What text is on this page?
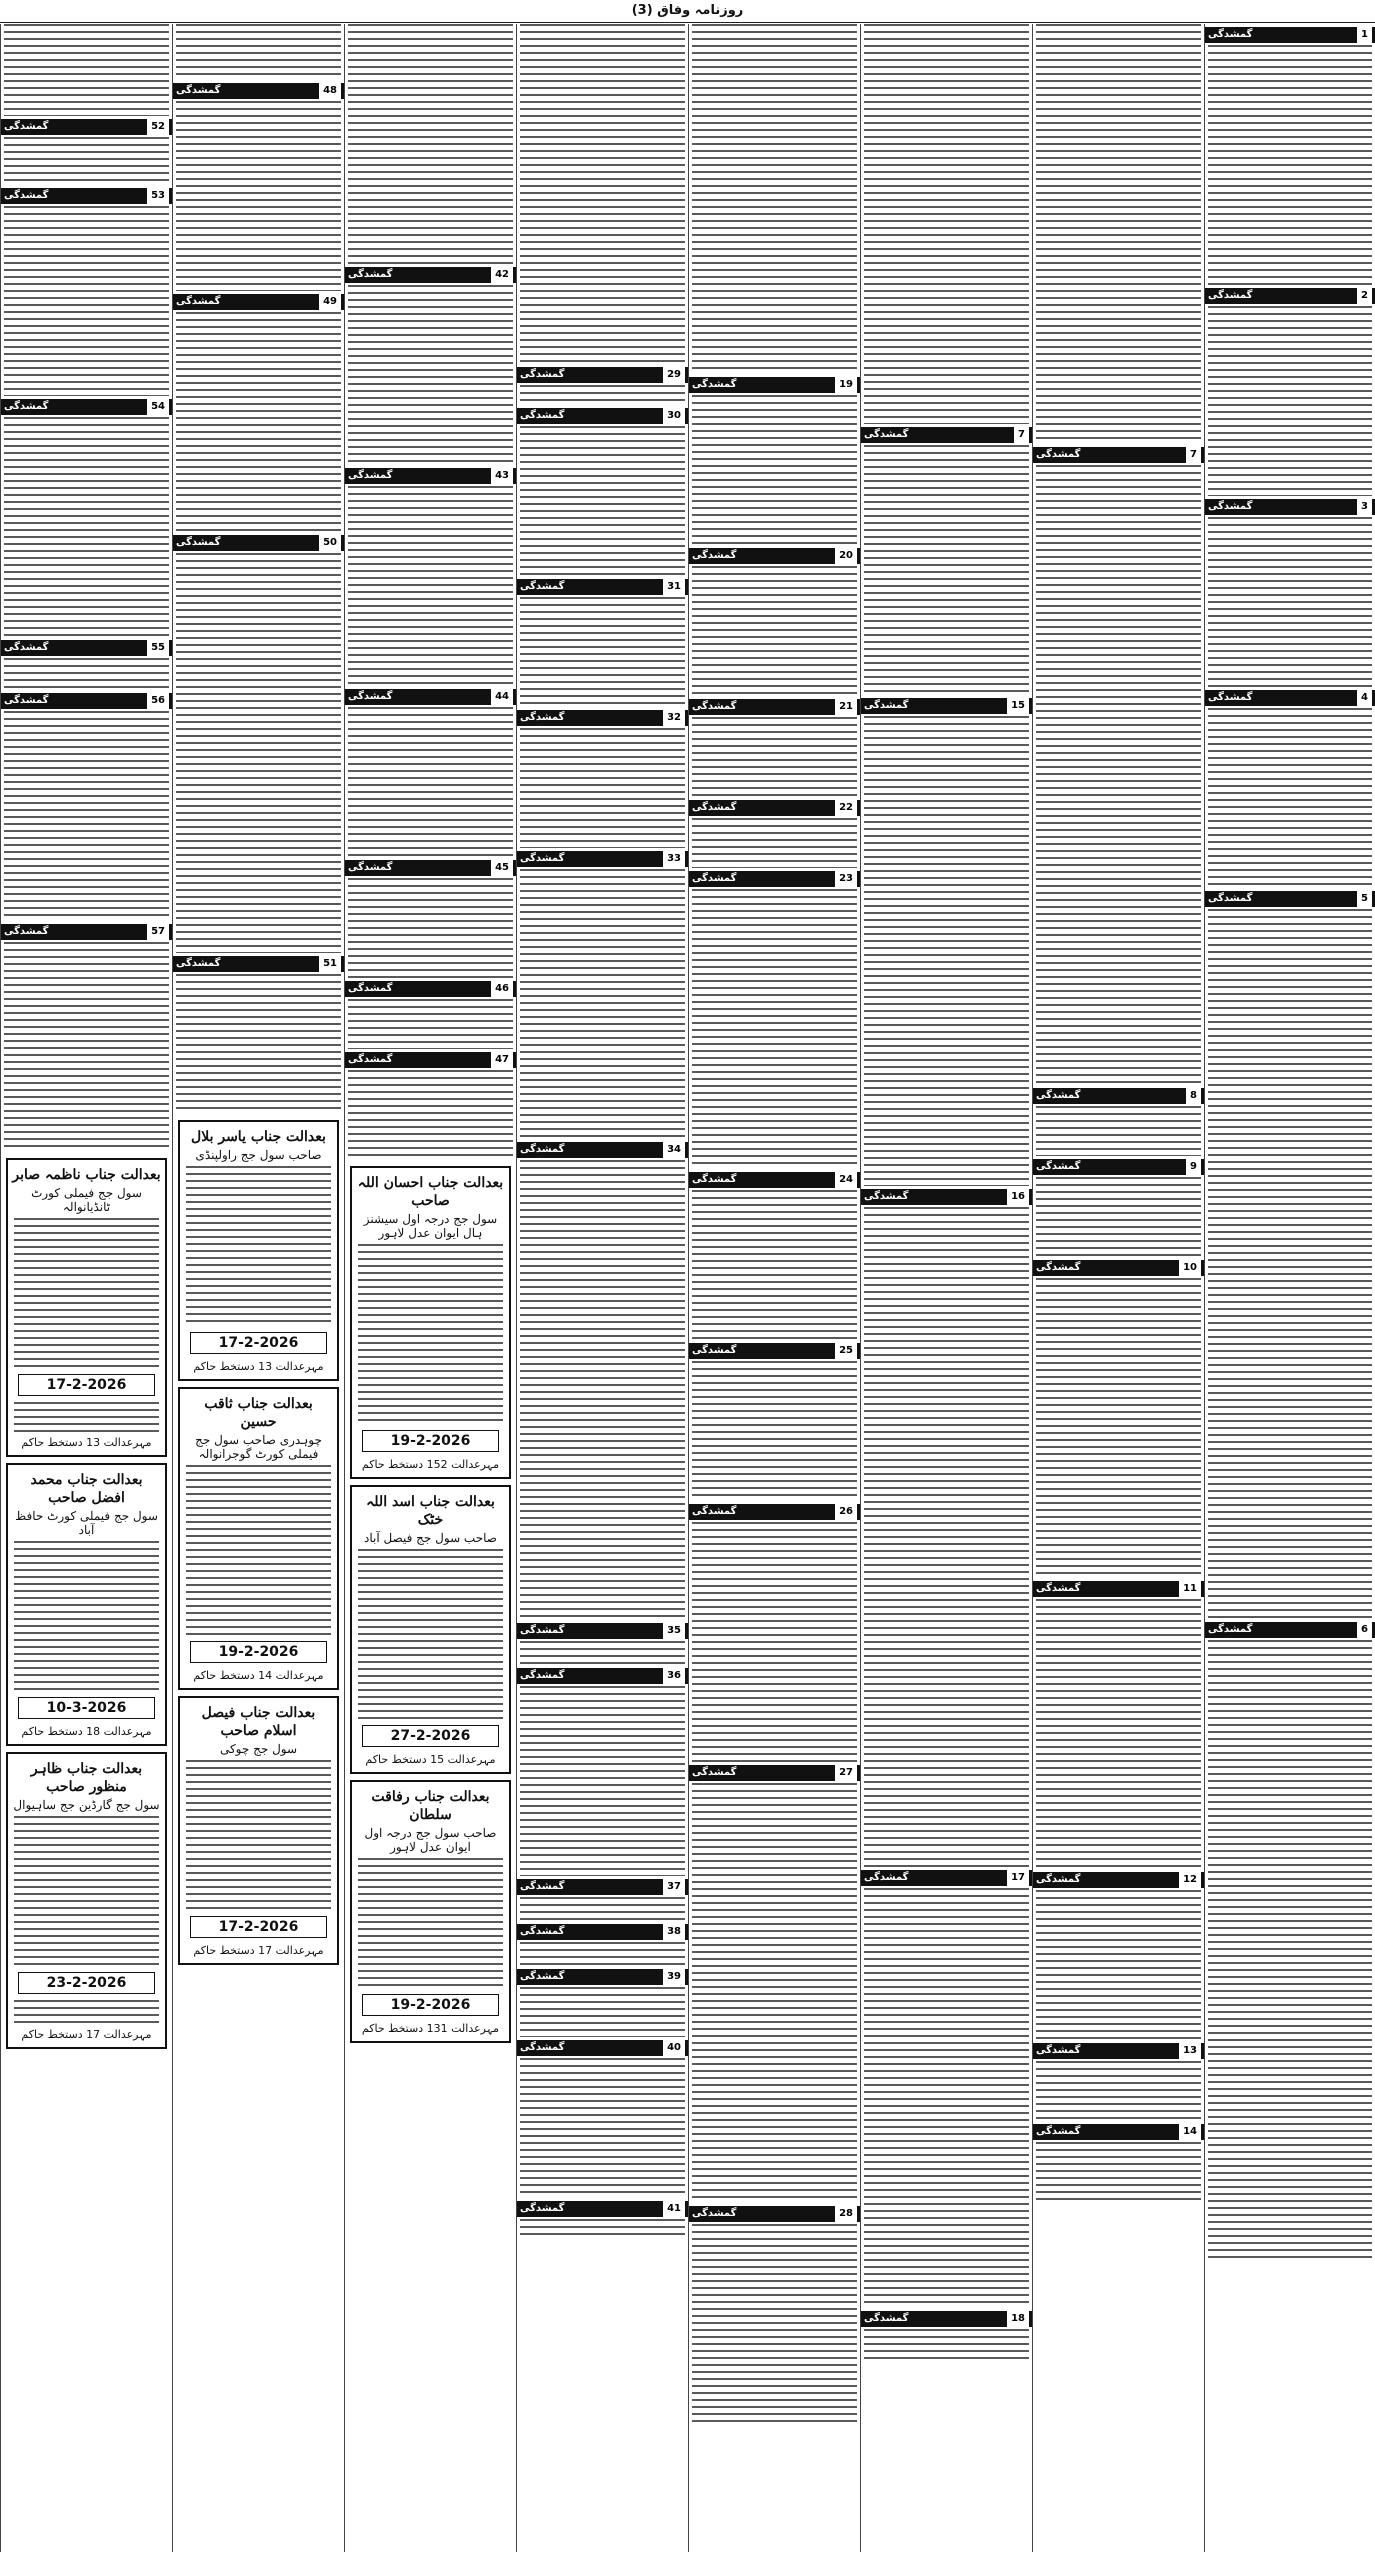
روزنامہ وفاق (3)
52
گمشدگی
53
گمشدگی
54
گمشدگی
55
گمشدگی
56
گمشدگی
57
گمشدگی
بعدالت جناب ناظمہ صابر
سول جج فیملی کورٹ ٹانڈیانوالہ
17-2-2026
مہرعدالت 13 دستخط حاکم
بعدالت جناب محمد افضل صاحب
سول جج فیملی کورٹ حافظ آباد
10-3-2026
مہرعدالت 18 دستخط حاکم
بعدالت جناب ظاہر منظور صاحب
سول جج گارڈین جج ساہیوال
23-2-2026
مہرعدالت 17 دستخط حاکم
48
گمشدگی
49
گمشدگی
50
گمشدگی
51
گمشدگی
بعدالت جناب یاسر بلال
صاحب سول جج راولپنڈی
17-2-2026
مہرعدالت 13 دستخط حاکم
بعدالت جناب ثاقب حسین
چوہدری صاحب سول جج فیملی کورٹ گوجرانوالہ
19-2-2026
مہرعدالت 14 دستخط حاکم
بعدالت جناب فیصل اسلام صاحب
سول جج چوکی
17-2-2026
مہرعدالت 17 دستخط حاکم
42
گمشدگی
43
گمشدگی
44
گمشدگی
45
گمشدگی
46
گمشدگی
47
گمشدگی
بعدالت جناب احسان اللہ صاحب
سول جج درجہ اول سیشنز ہال ایوان عدل لاہور
19-2-2026
مہرعدالت 152 دستخط حاکم
بعدالت جناب اسد اللہ خٹک
صاحب سول جج فیصل آباد
27-2-2026
مہرعدالت 15 دستخط حاکم
بعدالت جناب رفاقت سلطان
صاحب سول جج درجہ اول ایوان عدل لاہور
19-2-2026
مہرعدالت 131 دستخط حاکم
29
گمشدگی
30
گمشدگی
31
گمشدگی
32
گمشدگی
33
گمشدگی
34
گمشدگی
35
گمشدگی
36
گمشدگی
37
گمشدگی
38
گمشدگی
39
گمشدگی
40
گمشدگی
41
گمشدگی
19
گمشدگی
20
گمشدگی
21
گمشدگی
22
گمشدگی
23
گمشدگی
24
گمشدگی
25
گمشدگی
26
گمشدگی
27
گمشدگی
28
گمشدگی
7
گمشدگی
15
گمشدگی
16
گمشدگی
17
گمشدگی
18
گمشدگی
7
گمشدگی
8
گمشدگی
9
گمشدگی
10
گمشدگی
11
گمشدگی
12
گمشدگی
13
گمشدگی
14
گمشدگی
1
گمشدگی
2
گمشدگی
3
گمشدگی
4
گمشدگی
5
گمشدگی
6
گمشدگی
